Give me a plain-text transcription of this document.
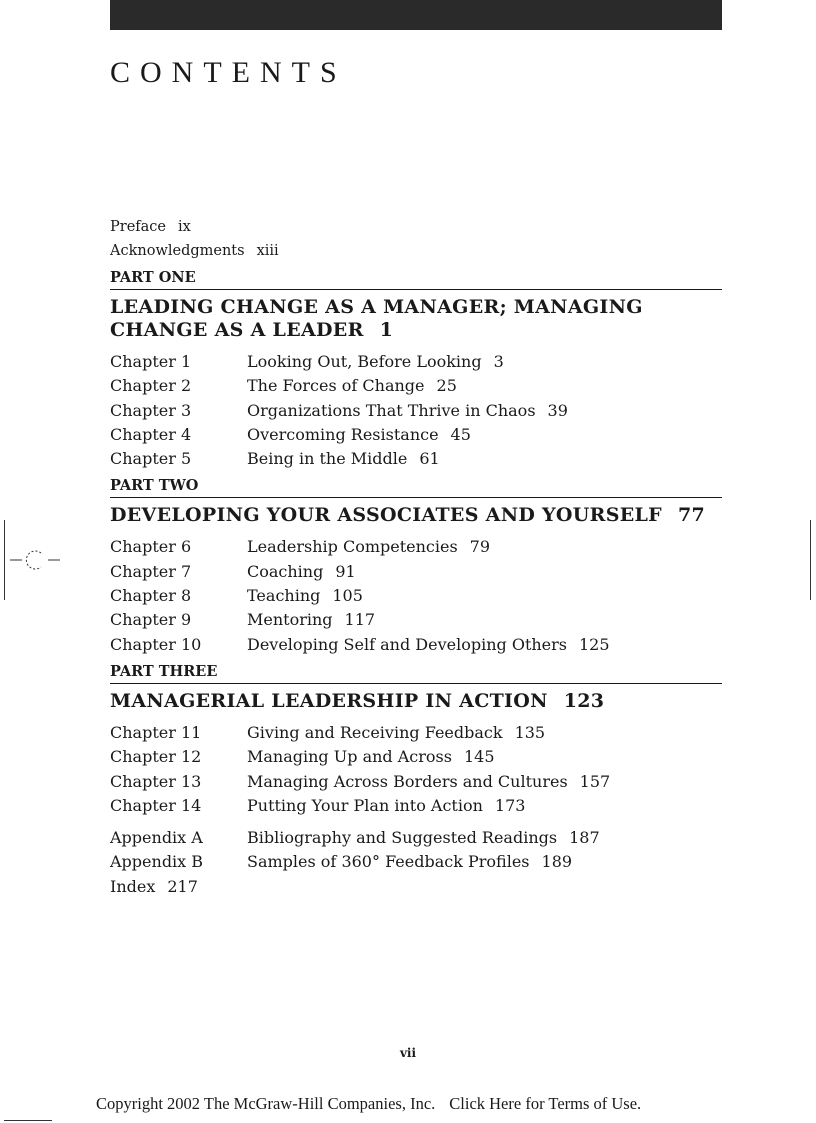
CONTENTS
Preface ix
Acknowledgments xiii
PART ONE
LEADING CHANGE AS A MANAGER; MANAGING CHANGE AS A LEADER 1
Chapter 1	Looking Out, Before Looking 3
Chapter 2	The Forces of Change 25
Chapter 3	Organizations That Thrive in Chaos 39
Chapter 4	Overcoming Resistance 45
Chapter 5	Being in the Middle 61
PART TWO
DEVELOPING YOUR ASSOCIATES AND YOURSELF 77
Chapter 6	Leadership Competencies 79
Chapter 7	Coaching 91
Chapter 8	Teaching 105
Chapter 9	Mentoring 117
Chapter 10	Developing Self and Developing Others 125
PART THREE
MANAGERIAL LEADERSHIP IN ACTION 123
Chapter 11	Giving and Receiving Feedback 135
Chapter 12	Managing Up and Across 145
Chapter 13	Managing Across Borders and Cultures 157
Chapter 14	Putting Your Plan into Action 173
Appendix A	Bibliography and Suggested Readings 187
Appendix B	Samples of 360° Feedback Profiles 189
Index 217
vii
Copyright 2002 The McGraw-Hill Companies, Inc. Click Here for Terms of Use.
